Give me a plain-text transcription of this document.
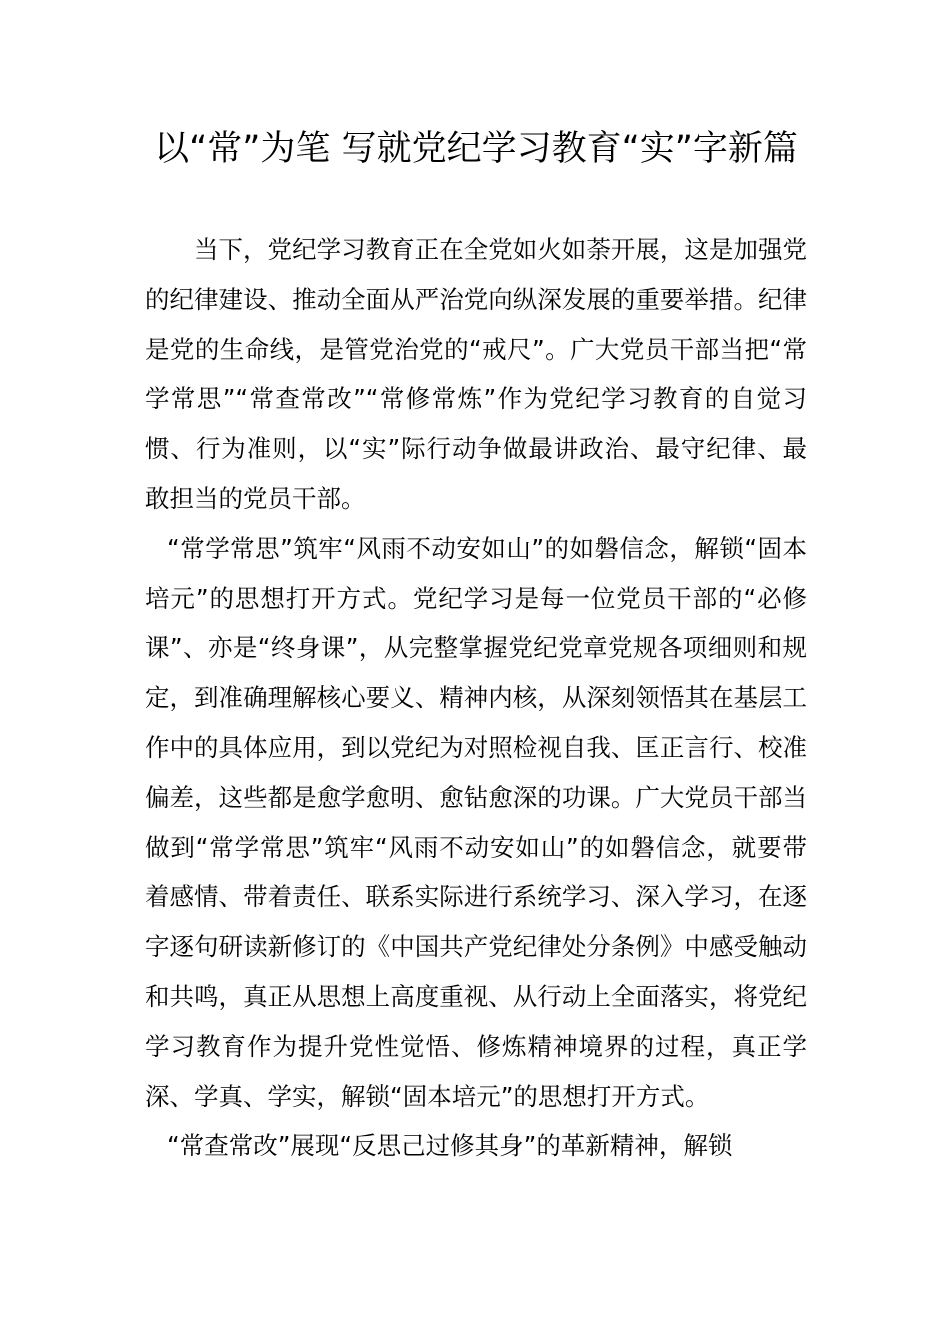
以“常”为笔 写就党纪学习教育“实”字新篇

当下，党纪学习教育正在全党如火如荼开展，这是加强党的纪律建设、推动全面从严治党向纵深发展的重要举措。纪律是党的生命线，是管党治党的“戒尺”。广大党员干部当把“常学常思”“常查常改”“常修常炼”作为党纪学习教育的自觉习惯、行为准则，以“实”际行动争做最讲政治、最守纪律、最敢担当的党员干部。

“常学常思”筑牢“风雨不动安如山”的如磐信念，解锁“固本培元”的思想打开方式。党纪学习是每一位党员干部的“必修课”、亦是“终身课”，从完整掌握党纪党章党规各项细则和规定，到准确理解核心要义、精神内核，从深刻领悟其在基层工作中的具体应用，到以党纪为对照检视自我、匡正言行、校准偏差，这些都是愈学愈明、愈钻愈深的功课。广大党员干部当做到“常学常思”筑牢“风雨不动安如山”的如磐信念，就要带着感情、带着责任、联系实际进行系统学习、深入学习，在逐字逐句研读新修订的《中国共产党纪律处分条例》中感受触动和共鸣，真正从思想上高度重视、从行动上全面落实，将党纪学习教育作为提升党性觉悟、修炼精神境界的过程，真正学深、学真、学实，解锁“固本培元”的思想打开方式。

“常查常改”展现“反思己过修其身”的革新精神，解锁
